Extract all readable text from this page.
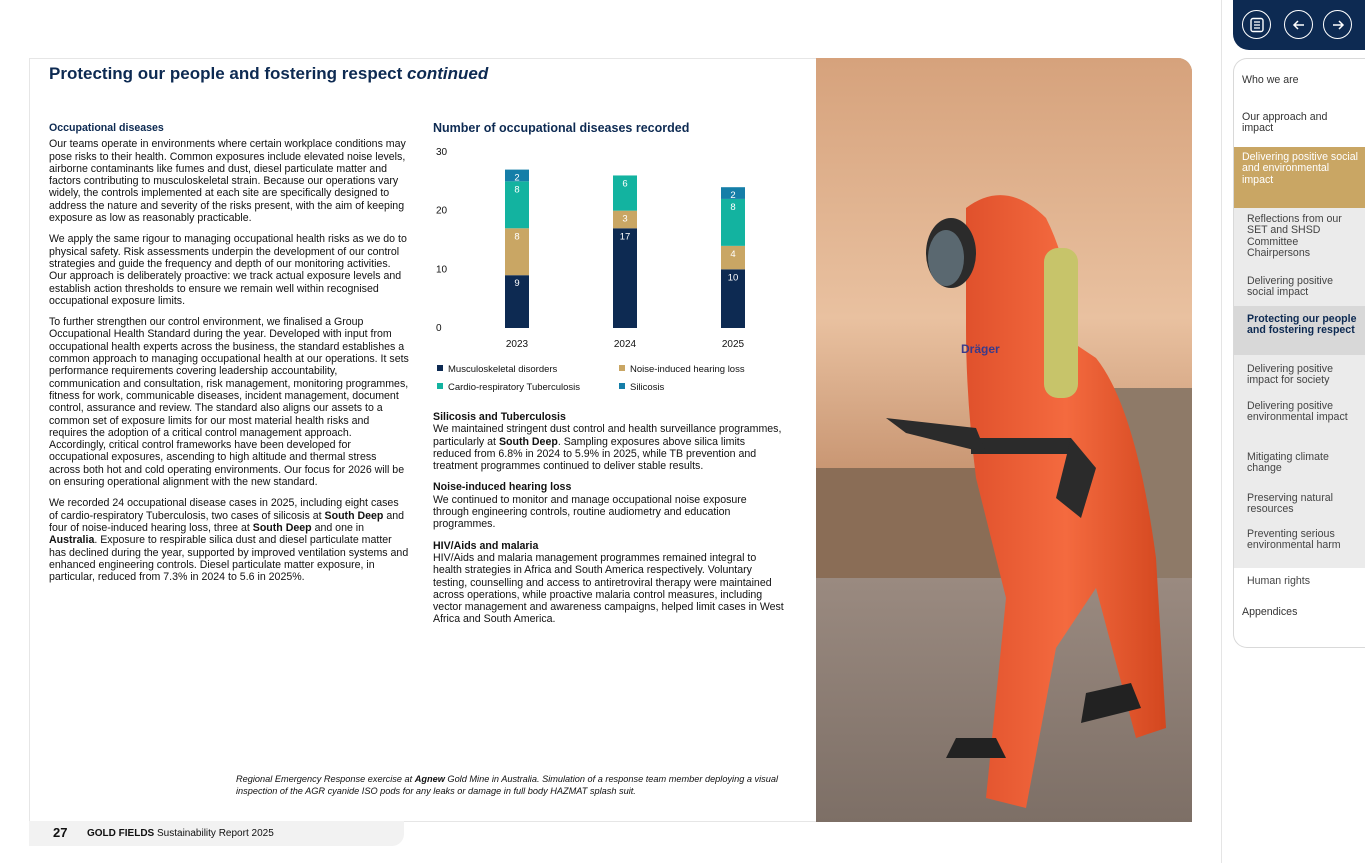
Protecting our people and fostering respect continued
Occupational diseases

Our teams operate in environments where certain workplace conditions may pose risks to their health. Common exposures include elevated noise levels, airborne contaminants like fumes and dust, diesel particulate matter and factors contributing to musculoskeletal strain. Because our operations vary widely, the controls implemented at each site are specifically designed to address the nature and severity of the risks present, with the aim of keeping exposure as low as reasonably practicable.

We apply the same rigour to managing occupational health risks as we do to physical safety. Risk assessments underpin the development of our control strategies and guide the frequency and depth of our monitoring activities. Our approach is deliberately proactive: we track actual exposure levels and establish action thresholds to ensure we remain well within recognised occupational exposure limits.

To further strengthen our control environment, we finalised a Group Occupational Health Standard during the year. Developed with input from occupational health experts across the business, the standard establishes a common approach to managing occupational health at our operations. It sets performance requirements covering leadership accountability, communication and consultation, risk management, monitoring programmes, fitness for work, communicable diseases, incident management, document control, assurance and review. The standard also aligns our assets to a common set of exposure limits for our most material health risks and requires the adoption of a critical control management approach. Accordingly, critical control frameworks have been developed for occupational exposures, ascending to high altitude and thermal stress across both hot and cold operating environments. Our focus for 2026 will be on ensuring operational alignment with the new standard.

We recorded 24 occupational disease cases in 2025, including eight cases of cardio-respiratory Tuberculosis, two cases of silicosis at South Deep and four of noise-induced hearing loss, three at South Deep and one in Australia. Exposure to respirable silica dust and diesel particulate matter has declined during the year, supported by improved ventilation systems and enhanced engineering controls. Diesel particulate matter exposure, in particular, reduced from 7.3% in 2024 to 5.6 in 2025%.

Number of occupational diseases recorded
0
10
20
30
9
8
8
2
2023
17
3
6
2024
10
4
8
2
2025
Musculoskeletal disorders	Noise-induced hearing loss
Cardio-respiratory Tuberculosis	Silicosis
Silicosis and Tuberculosis

We maintained stringent dust control and health surveillance programmes, particularly at South Deep. Sampling exposures above silica limits reduced from 6.8% in 2024 to 5.9% in 2025, while TB prevention and treatment programmes continued to deliver stable results.

Noise-induced hearing loss

We continued to monitor and manage occupational noise exposure through engineering controls, routine audiometry and education programmes.

HIV/Aids and malaria

HIV/Aids and malaria management programmes remained integral to health strategies in Africa and South America respectively. Voluntary testing, counselling and access to antiretroviral therapy were maintained across operations, while proactive malaria control measures, including vector management and awareness campaigns, helped limit cases in West Africa and South America.

Dräger
Regional Emergency Response exercise at Agnew Gold Mine in Australia. Simulation of a response team member deploying a visual inspection of the AGR cyanide ISO pods for any leaks or damage in full body HAZMAT splash suit.
27 GOLD FIELDS Sustainability Report 2025
Who we are
Our approach and impact
Delivering positive social and environmental impact
Reflections from our SET and SHSD Committee Chairpersons
Delivering positive social impact
Protecting our people and fostering respect
Delivering positive impact for society
Delivering positive environmental impact
Mitigating climate change
Preserving natural resources
Preventing serious environmental harm
Human rights
Appendices
